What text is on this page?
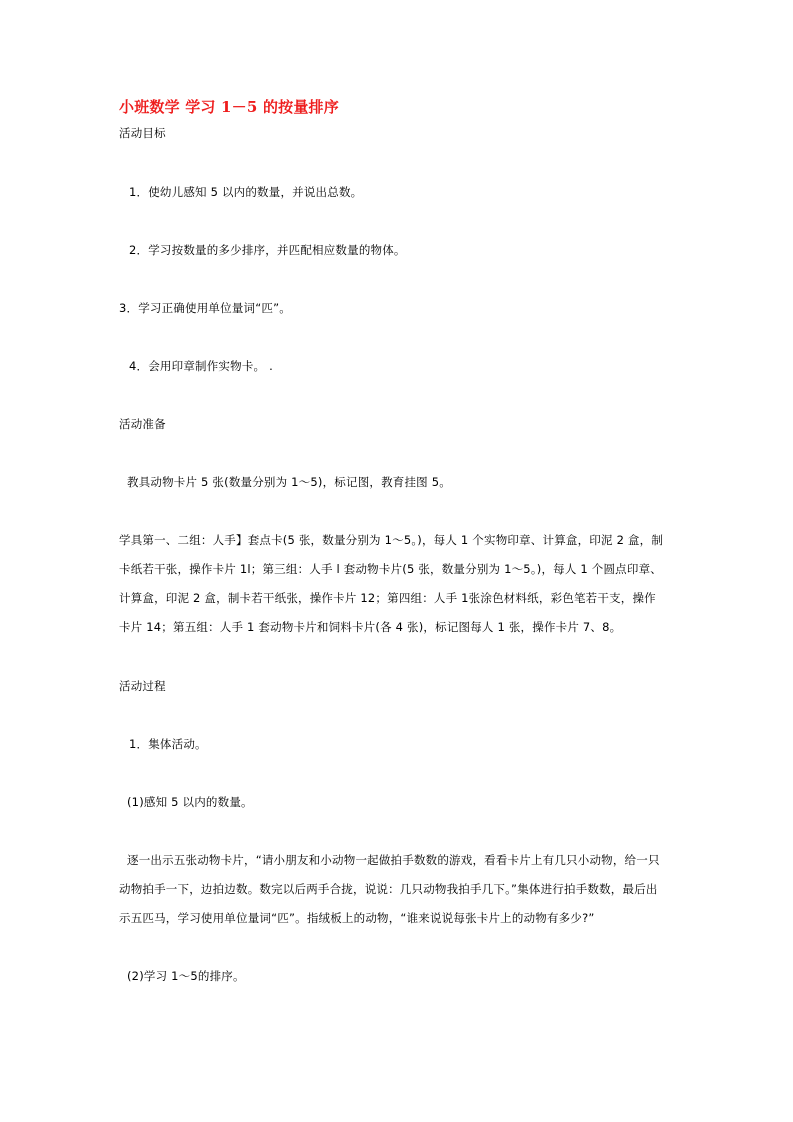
小班数学 学习 1－5 的按量排序
活动目标
1．使幼儿感知 5 以内的数量，并说出总数。
2．学习按数量的多少排序，并匹配相应数量的物体。
3．学习正确使用单位量词“匹”。
4．会用印章制作实物卡。 .
活动准备
教具动物卡片 5 张(数量分别为 1～5)，标记图，教育挂图 5。
学具第一、二组：人手】套点卡(5 张，数量分别为 1～5。)，每人 1 个实物印章、计算盒，印泥 2 盒，制
卡纸若干张，操作卡片 1l；第三组：人手 l 套动物卡片(5 张，数量分别为 1～5。)，每人 1 个圆点印章、
计算盒，印泥 2 盒，制卡若干纸张，操作卡片 12；第四组：人手 1张涂色材料纸，彩色笔若干支，操作
卡片 14；第五组：人手 1 套动物卡片和饲料卡片(各 4 张)，标记图每人 1 张，操作卡片 7、8。
活动过程
1．集体活动。
(1)感知 5 以内的数量。
逐一出示五张动物卡片，“请小朋友和小动物一起做拍手数数的游戏，看看卡片上有几只小动物，给一只
动物拍手一下，边拍边数。数完以后两手合拢，说说：几只动物我拍手几下。”集体进行拍手数数，最后出
示五匹马，学习使用单位量词“匹”。指绒板上的动物，“谁来说说每张卡片上的动物有多少?”
(2)学习 1～5的排序。
